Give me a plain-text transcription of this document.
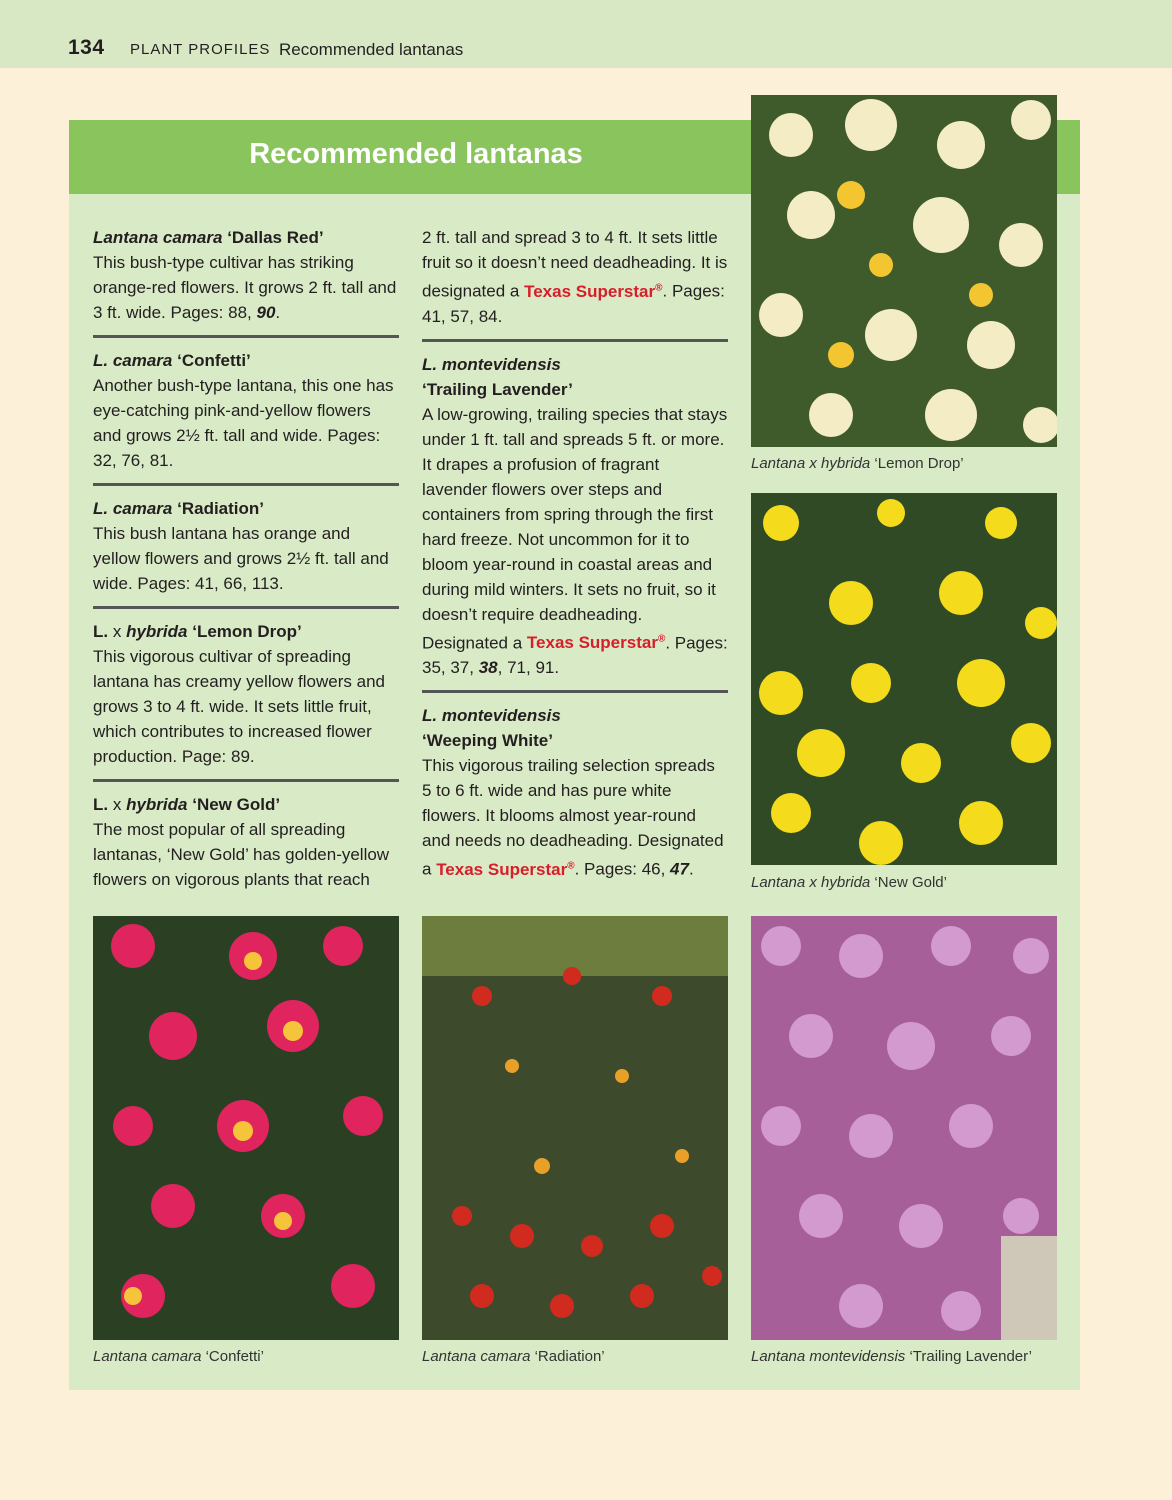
134 PLANT PROFILES Recommended lantanas
Recommended lantanas

Lantana camara ‘Dallas Red’

This bush-type cultivar has striking orange-red flowers. It grows 2 ft. tall and 3 ft. wide. Pages: 88, 90.

L. camara ‘Confetti’

Another bush-type lantana, this one has eye-catching pink-and-yellow flowers and grows 2½ ft. tall and wide. Pages: 32, 76, 81.

L. camara ‘Radiation’

This bush lantana has orange and yellow flowers and grows 2½ ft. tall and wide. Pages: 41, 66, 113.

L. x hybrida ‘Lemon Drop’

This vigorous cultivar of spreading lantana has creamy yellow flowers and grows 3 to 4 ft. wide. It sets little fruit, which contributes to increased flower production. Page: 89.

L. x hybrida ‘New Gold’

The most popular of all spreading lantanas, ‘New Gold’ has golden-yellow flowers on vigorous plants that reach

2 ft. tall and spread 3 to 4 ft. It sets little fruit so it doesn’t need deadheading. It is designated a Texas Superstar®. Pages: 41, 57, 84.

L. montevidensis
‘Trailing Lavender’

A low-growing, trailing species that stays under 1 ft. tall and spreads 5 ft. or more. It drapes a profusion of fragrant lavender flowers over steps and containers from spring through the first hard freeze. Not uncommon for it to bloom year-round in coastal areas and during mild winters. It sets no fruit, so it doesn’t require deadheading. Designated a Texas Superstar®. Pages: 35, 37, 38, 71, 91.

L. montevidensis
‘Weeping White’

This vigorous trailing selection spreads 5 to 6 ft. wide and has pure white flowers. It blooms almost year-round and needs no deadheading. Designated a Texas Superstar®. Pages: 46, 47.

Lantana x hybrida ‘Lemon Drop’
Lantana x hybrida ‘New Gold’
Lantana camara ‘Confetti’	Lantana camara ‘Radiation’	Lantana montevidensis ‘Trailing Lavender’
